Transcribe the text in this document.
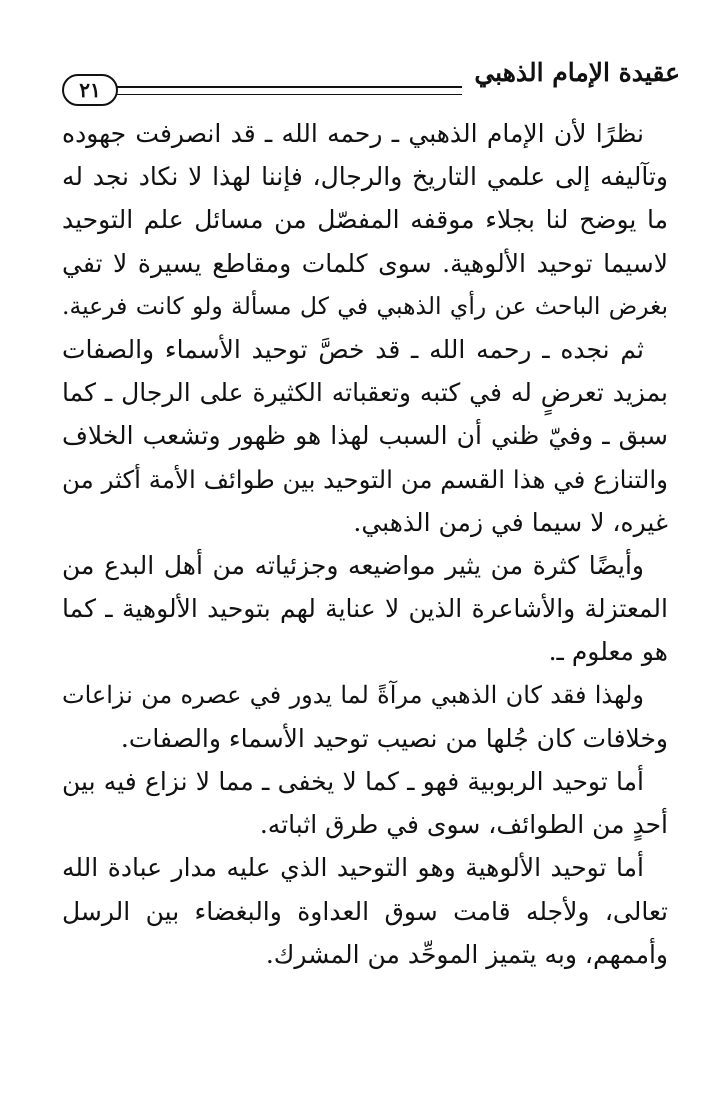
عقيدة الإمام الذهبي
٢١
نظرًا لأن الإمام الذهبي ـ رحمه الله ـ قد انصرفت جهوده
وتآليفه إلى علمي التاريخ والرجال، فإننا لهذا لا نكاد نجد له
ما يوضح لنا بجلاء موقفه المفصّل من مسائل علم التوحيد
لاسيما توحيد الألوهية. سوى كلمات ومقاطع يسيرة لا تفي
بغرض الباحث عن رأي الذهبي في كل مسألة ولو كانت فرعية.
ثم نجده ـ رحمه الله ـ قد خصَّ توحيد الأسماء والصفات
بمزيد تعرضٍ له في كتبه وتعقباته الكثيرة على الرجال ـ كما
سبق ـ وفيّ ظني أن السبب لهذا هو ظهور وتشعب الخلاف
والتنازع في هذا القسم من التوحيد بين طوائف الأمة أكثر من
غيره، لا سيما في زمن الذهبي.
وأيضًا كثرة من يثير مواضيعه وجزئياته من أهل البدع من
المعتزلة والأشاعرة الذين لا عناية لهم بتوحيد الألوهية ـ كما
هو معلوم ـ.
ولهذا فقد كان الذهبي مرآةً لما يدور في عصره من نزاعات
وخلافات كان جُلها من نصيب توحيد الأسماء والصفات.
أما توحيد الربوبية فهو ـ كما لا يخفى ـ مما لا نزاع فيه بين
أحدٍ من الطوائف، سوى في طرق اثباته.
أما توحيد الألوهية وهو التوحيد الذي عليه مدار عبادة الله
تعالى، ولأجله قامت سوق العداوة والبغضاء بين الرسل
وأممهم، وبه يتميز الموحِّد من المشرك.
